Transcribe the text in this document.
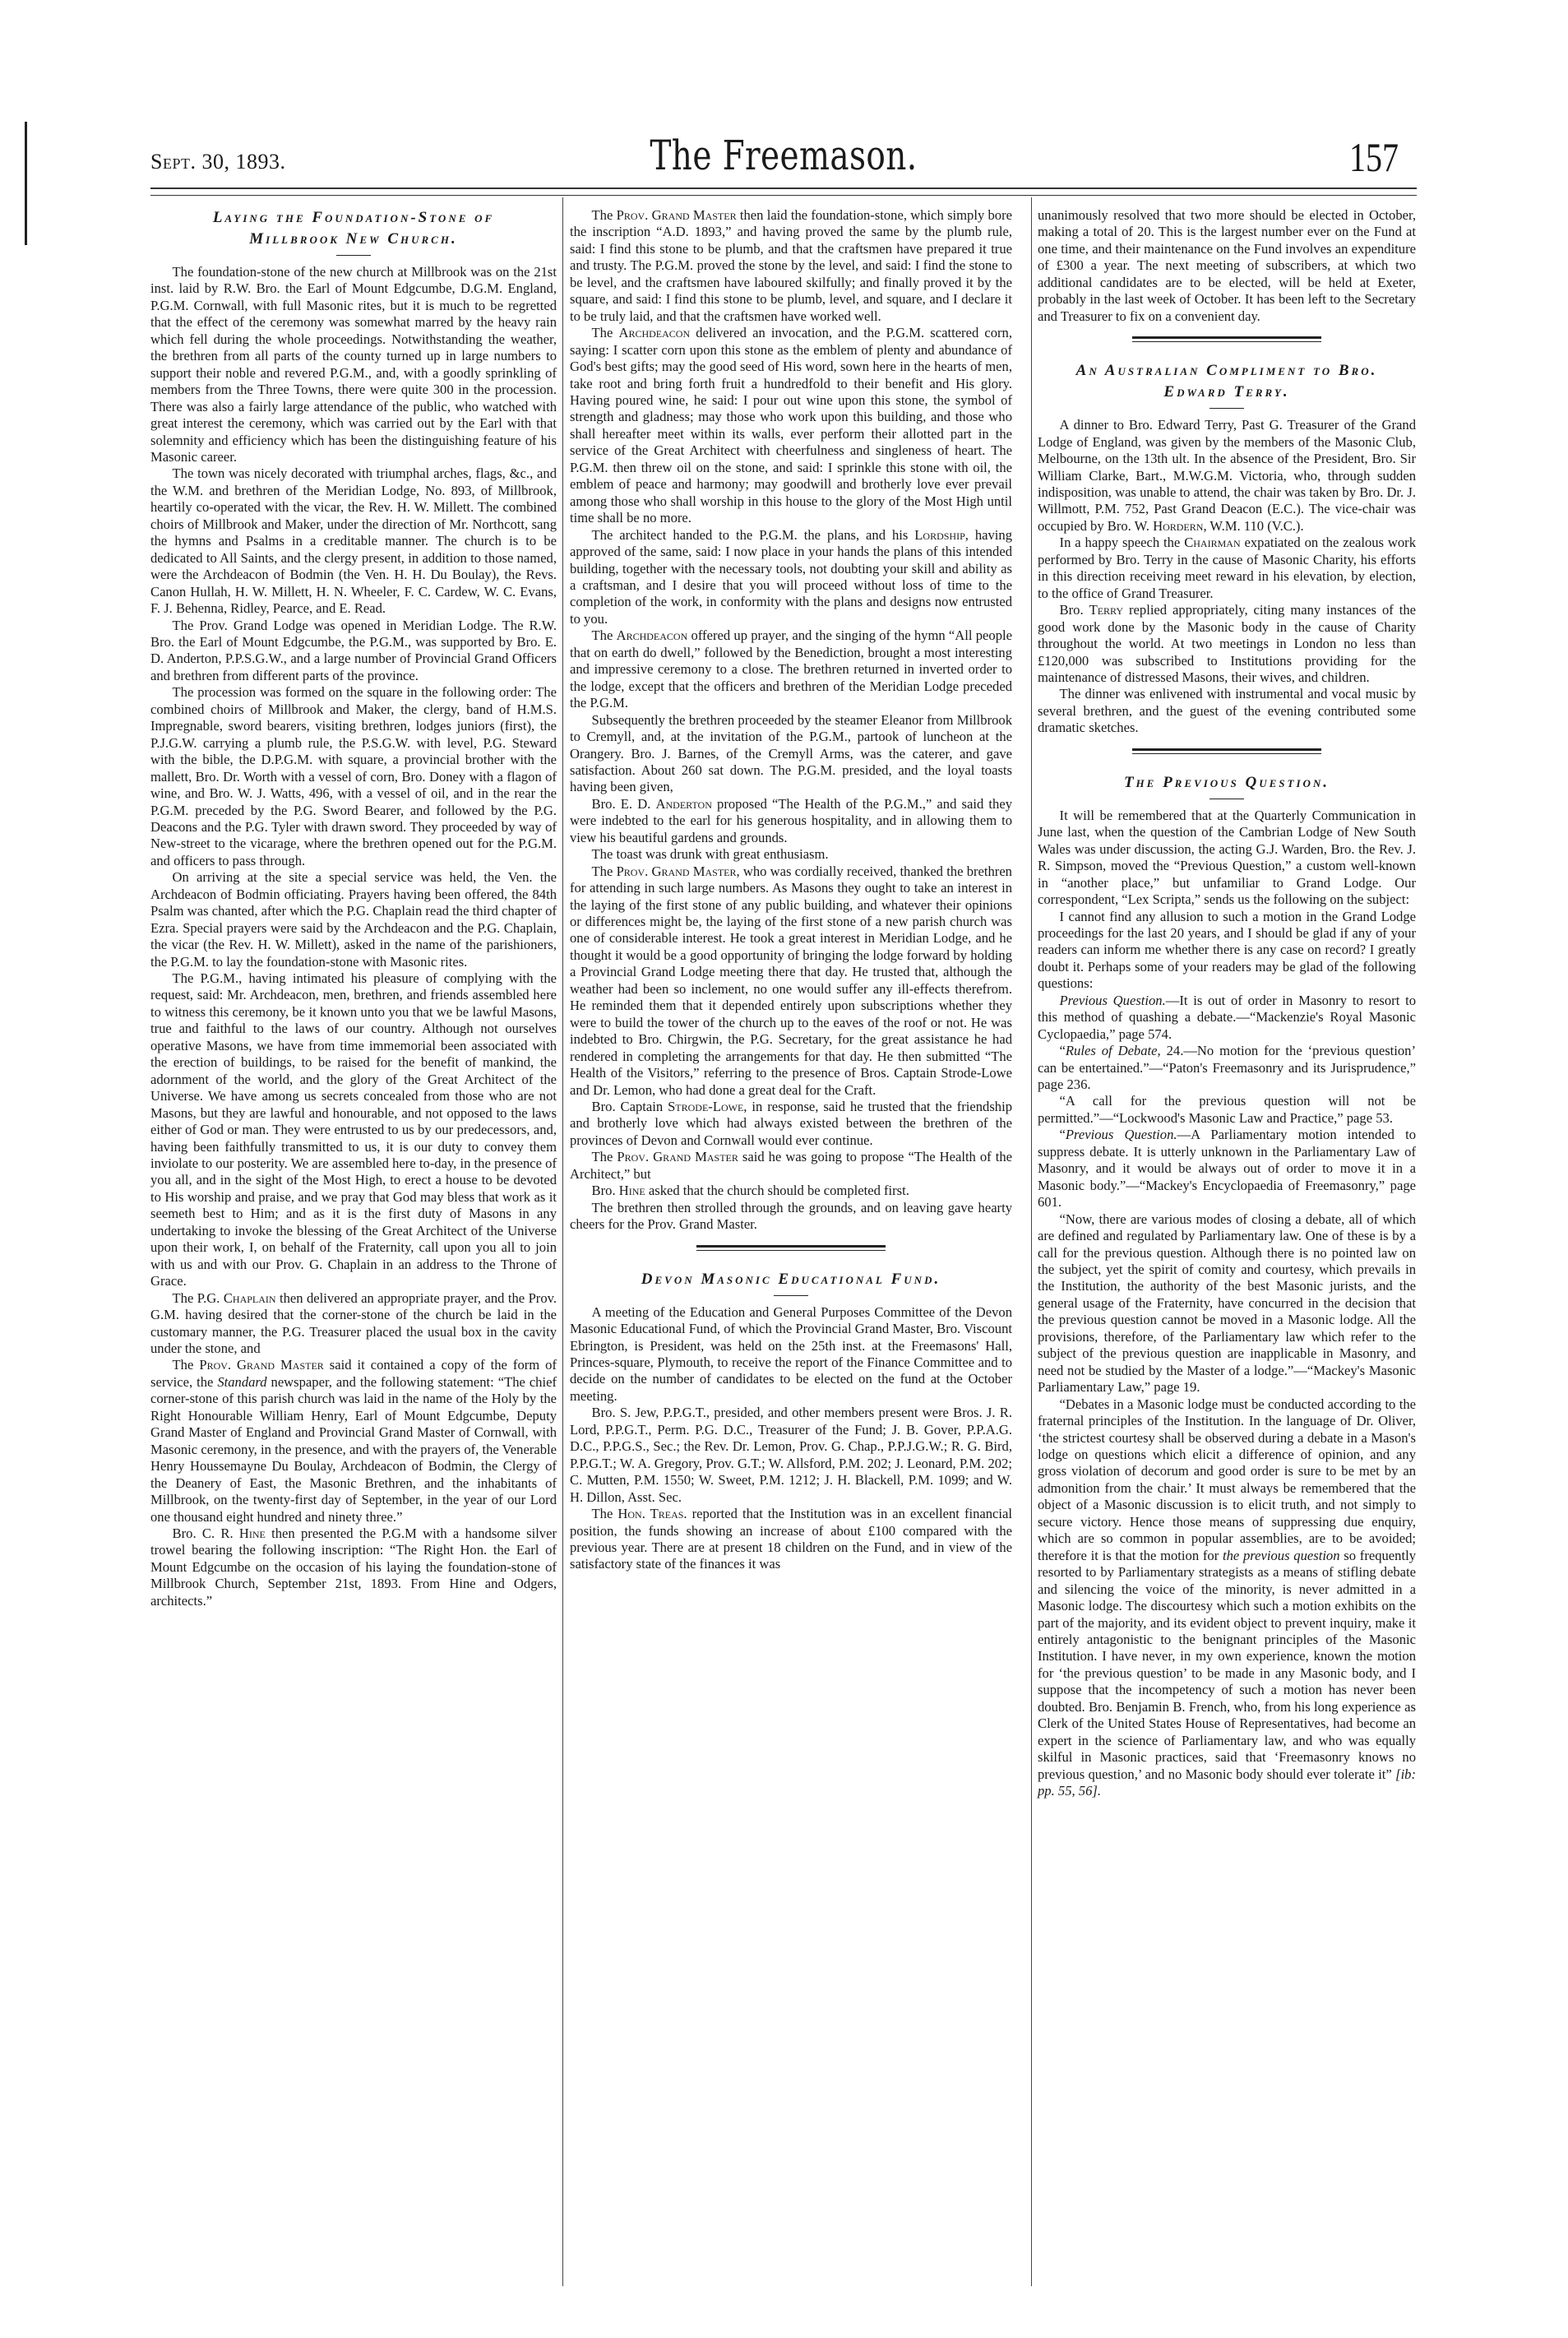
Sept. 30, 1893.	The Freemason.	157
Laying the Foundation-Stone of
Millbrook New Church.

The foundation-stone of the new church at Millbrook was on the 21st inst. laid by R.W. Bro. the Earl of Mount Edgcumbe, D.G.M. England, P.G.M. Cornwall, with full Masonic rites, but it is much to be regretted that the effect of the ceremony was somewhat marred by the heavy rain which fell during the whole proceedings. Notwithstanding the weather, the brethren from all parts of the county turned up in large numbers to support their noble and revered P.G.M., and, with a goodly sprinkling of members from the Three Towns, there were quite 300 in the procession. There was also a fairly large attendance of the public, who watched with great interest the ceremony, which was carried out by the Earl with that solemnity and efficiency which has been the distinguishing feature of his Masonic career.

The town was nicely decorated with triumphal arches, flags, &c., and the W.M. and brethren of the Meridian Lodge, No. 893, of Millbrook, heartily co-operated with the vicar, the Rev. H. W. Millett. The combined choirs of Millbrook and Maker, under the direction of Mr. Northcott, sang the hymns and Psalms in a creditable manner. The church is to be dedicated to All Saints, and the clergy present, in addition to those named, were the Archdeacon of Bodmin (the Ven. H. H. Du Boulay), the Revs. Canon Hullah, H. W. Millett, H. N. Wheeler, F. C. Cardew, W. C. Evans, F. J. Behenna, Ridley, Pearce, and E. Read.

The Prov. Grand Lodge was opened in Meridian Lodge. The R.W. Bro. the Earl of Mount Edgcumbe, the P.G.M., was supported by Bro. E. D. Anderton, P.P.S.G.W., and a large number of Provincial Grand Officers and brethren from different parts of the province.

The procession was formed on the square in the following order: The combined choirs of Millbrook and Maker, the clergy, band of H.M.S. Impregnable, sword bearers, visiting brethren, lodges juniors (first), the P.J.G.W. carrying a plumb rule, the P.S.G.W. with level, P.G. Steward with the bible, the D.P.G.M. with square, a provincial brother with the mallett, Bro. Dr. Worth with a vessel of corn, Bro. Doney with a flagon of wine, and Bro. W. J. Watts, 496, with a vessel of oil, and in the rear the P.G.M. preceded by the P.G. Sword Bearer, and followed by the P.G. Deacons and the P.G. Tyler with drawn sword. They proceeded by way of New-street to the vicarage, where the brethren opened out for the P.G.M. and officers to pass through.

On arriving at the site a special service was held, the Ven. the Archdeacon of Bodmin officiating. Prayers having been offered, the 84th Psalm was chanted, after which the P.G. Chaplain read the third chapter of Ezra. Special prayers were said by the Archdeacon and the P.G. Chaplain, the vicar (the Rev. H. W. Millett), asked in the name of the parishioners, the P.G.M. to lay the foundation-stone with Masonic rites.

The P.G.M., having intimated his pleasure of complying with the request, said: Mr. Archdeacon, men, brethren, and friends assembled here to witness this ceremony, be it known unto you that we be lawful Masons, true and faithful to the laws of our country. Although not ourselves operative Masons, we have from time immemorial been associated with the erection of buildings, to be raised for the benefit of mankind, the adornment of the world, and the glory of the Great Architect of the Universe. We have among us secrets concealed from those who are not Masons, but they are lawful and honourable, and not opposed to the laws either of God or man. They were entrusted to us by our predecessors, and, having been faithfully transmitted to us, it is our duty to convey them inviolate to our posterity. We are assembled here to-day, in the presence of you all, and in the sight of the Most High, to erect a house to be devoted to His worship and praise, and we pray that God may bless that work as it seemeth best to Him; and as it is the first duty of Masons in any undertaking to invoke the blessing of the Great Architect of the Universe upon their work, I, on behalf of the Fraternity, call upon you all to join with us and with our Prov. G. Chaplain in an address to the Throne of Grace.

The P.G. Chaplain then delivered an appropriate prayer, and the Prov. G.M. having desired that the corner-stone of the church be laid in the customary manner, the P.G. Treasurer placed the usual box in the cavity under the stone, and

The Prov. Grand Master said it contained a copy of the form of service, the Standard newspaper, and the following statement: “The chief corner-stone of this parish church was laid in the name of the Holy by the Right Honourable William Henry, Earl of Mount Edgcumbe, Deputy Grand Master of England and Provincial Grand Master of Cornwall, with Masonic ceremony, in the presence, and with the prayers of, the Venerable Henry Houssemayne Du Boulay, Archdeacon of Bodmin, the Clergy of the Deanery of East, the Masonic Brethren, and the inhabitants of Millbrook, on the twenty-first day of September, in the year of our Lord one thousand eight hundred and ninety three.”

Bro. C. R. Hine then presented the P.G.M with a handsome silver trowel bearing the following inscription: “The Right Hon. the Earl of Mount Edgcumbe on the occasion of his laying the foundation-stone of Millbrook Church, September 21st, 1893. From Hine and Odgers, architects.”

The Prov. Grand Master then laid the foundation-stone, which simply bore the inscription “A.D. 1893,” and having proved the same by the plumb rule, said: I find this stone to be plumb, and that the craftsmen have prepared it true and trusty. The P.G.M. proved the stone by the level, and said: I find the stone to be level, and the craftsmen have laboured skilfully; and finally proved it by the square, and said: I find this stone to be plumb, level, and square, and I declare it to be truly laid, and that the craftsmen have worked well.

The Archdeacon delivered an invocation, and the P.G.M. scattered corn, saying: I scatter corn upon this stone as the emblem of plenty and abundance of God's best gifts; may the good seed of His word, sown here in the hearts of men, take root and bring forth fruit a hundredfold to their benefit and His glory. Having poured wine, he said: I pour out wine upon this stone, the symbol of strength and gladness; may those who work upon this building, and those who shall hereafter meet within its walls, ever perform their allotted part in the service of the Great Architect with cheerfulness and singleness of heart. The P.G.M. then threw oil on the stone, and said: I sprinkle this stone with oil, the emblem of peace and harmony; may goodwill and brotherly love ever prevail among those who shall worship in this house to the glory of the Most High until time shall be no more.

The architect handed to the P.G.M. the plans, and his Lordship, having approved of the same, said: I now place in your hands the plans of this intended building, together with the necessary tools, not doubting your skill and ability as a craftsman, and I desire that you will proceed without loss of time to the completion of the work, in conformity with the plans and designs now entrusted to you.

The Archdeacon offered up prayer, and the singing of the hymn “All people that on earth do dwell,” followed by the Benediction, brought a most interesting and impressive ceremony to a close. The brethren returned in inverted order to the lodge, except that the officers and brethren of the Meridian Lodge preceded the P.G.M.

Subsequently the brethren proceeded by the steamer Eleanor from Millbrook to Cremyll, and, at the invitation of the P.G.M., partook of luncheon at the Orangery. Bro. J. Barnes, of the Cremyll Arms, was the caterer, and gave satisfaction. About 260 sat down. The P.G.M. presided, and the loyal toasts having been given,

Bro. E. D. Anderton proposed “The Health of the P.G.M.,” and said they were indebted to the earl for his generous hospitality, and in allowing them to view his beautiful gardens and grounds.

The toast was drunk with great enthusiasm.

The Prov. Grand Master, who was cordially received, thanked the brethren for attending in such large numbers. As Masons they ought to take an interest in the laying of the first stone of any public building, and whatever their opinions or differences might be, the laying of the first stone of a new parish church was one of considerable interest. He took a great interest in Meridian Lodge, and he thought it would be a good opportunity of bringing the lodge forward by holding a Provincial Grand Lodge meeting there that day. He trusted that, although the weather had been so inclement, no one would suffer any ill-effects therefrom. He reminded them that it depended entirely upon subscriptions whether they were to build the tower of the church up to the eaves of the roof or not. He was indebted to Bro. Chirgwin, the P.G. Secretary, for the great assistance he had rendered in completing the arrangements for that day. He then submitted “The Health of the Visitors,” referring to the presence of Bros. Captain Strode-Lowe and Dr. Lemon, who had done a great deal for the Craft.

Bro. Captain Strode-Lowe, in response, said he trusted that the friendship and brotherly love which had always existed between the brethren of the provinces of Devon and Cornwall would ever continue.

The Prov. Grand Master said he was going to propose “The Health of the Architect,” but

Bro. Hine asked that the church should be completed first.

The brethren then strolled through the grounds, and on leaving gave hearty cheers for the Prov. Grand Master.

Devon Masonic Educational Fund.

A meeting of the Education and General Purposes Committee of the Devon Masonic Educational Fund, of which the Provincial Grand Master, Bro. Viscount Ebrington, is President, was held on the 25th inst. at the Freemasons' Hall, Princes-square, Plymouth, to receive the report of the Finance Committee and to decide on the number of candidates to be elected on the fund at the October meeting.

Bro. S. Jew, P.P.G.T., presided, and other members present were Bros. J. R. Lord, P.P.G.T., Perm. P.G. D.C., Treasurer of the Fund; J. B. Gover, P.P.A.G. D.C., P.P.G.S., Sec.; the Rev. Dr. Lemon, Prov. G. Chap., P.P.J.G.W.; R. G. Bird, P.P.G.T.; W. A. Gregory, Prov. G.T.; W. Allsford, P.M. 202; J. Leonard, P.M. 202; C. Mutten, P.M. 1550; W. Sweet, P.M. 1212; J. H. Blackell, P.M. 1099; and W. H. Dillon, Asst. Sec.

The Hon. Treas. reported that the Institution was in an excellent financial position, the funds showing an increase of about £100 compared with the previous year. There are at present 18 children on the Fund, and in view of the satisfactory state of the finances it was

unanimously resolved that two more should be elected in October, making a total of 20. This is the largest number ever on the Fund at one time, and their maintenance on the Fund involves an expenditure of £300 a year. The next meeting of subscribers, at which two additional candidates are to be elected, will be held at Exeter, probably in the last week of October. It has been left to the Secretary and Treasurer to fix on a convenient day.

An Australian Compliment to Bro.
Edward Terry.

A dinner to Bro. Edward Terry, Past G. Treasurer of the Grand Lodge of England, was given by the members of the Masonic Club, Melbourne, on the 13th ult. In the absence of the President, Bro. Sir William Clarke, Bart., M.W.G.M. Victoria, who, through sudden indisposition, was unable to attend, the chair was taken by Bro. Dr. J. Willmott, P.M. 752, Past Grand Deacon (E.C.). The vice-chair was occupied by Bro. W. Hordern, W.M. 110 (V.C.).

In a happy speech the Chairman expatiated on the zealous work performed by Bro. Terry in the cause of Masonic Charity, his efforts in this direction receiving meet reward in his elevation, by election, to the office of Grand Treasurer.

Bro. Terry replied appropriately, citing many instances of the good work done by the Masonic body in the cause of Charity throughout the world. At two meetings in London no less than £120,000 was subscribed to Institutions providing for the maintenance of distressed Masons, their wives, and children.

The dinner was enlivened with instrumental and vocal music by several brethren, and the guest of the evening contributed some dramatic sketches.

The Previous Question.

It will be remembered that at the Quarterly Communication in June last, when the question of the Cambrian Lodge of New South Wales was under discussion, the acting G.J. Warden, Bro. the Rev. J. R. Simpson, moved the “Previous Question,” a custom well-known in “another place,” but unfamiliar to Grand Lodge. Our correspondent, “Lex Scripta,” sends us the following on the subject:

I cannot find any allusion to such a motion in the Grand Lodge proceedings for the last 20 years, and I should be glad if any of your readers can inform me whether there is any case on record? I greatly doubt it. Perhaps some of your readers may be glad of the following questions:

Previous Question.—It is out of order in Masonry to resort to this method of quashing a debate.—“Mackenzie's Royal Masonic Cyclopaedia,” page 574.

“Rules of Debate, 24.—No motion for the ‘previous question’ can be entertained.”—“Paton's Freemasonry and its Jurisprudence,” page 236.

“A call for the previous question will not be permitted.”—“Lockwood's Masonic Law and Practice,” page 53.

“Previous Question.—A Parliamentary motion intended to suppress debate. It is utterly unknown in the Parliamentary Law of Masonry, and it would be always out of order to move it in a Masonic body.”—“Mackey's Encyclopaedia of Freemasonry,” page 601.

“Now, there are various modes of closing a debate, all of which are defined and regulated by Parliamentary law. One of these is by a call for the previous question. Although there is no pointed law on the subject, yet the spirit of comity and courtesy, which prevails in the Institution, the authority of the best Masonic jurists, and the general usage of the Fraternity, have concurred in the decision that the previous question cannot be moved in a Masonic lodge. All the provisions, therefore, of the Parliamentary law which refer to the subject of the previous question are inapplicable in Masonry, and need not be studied by the Master of a lodge.”—“Mackey's Masonic Parliamentary Law,” page 19.

“Debates in a Masonic lodge must be conducted according to the fraternal principles of the Institution. In the language of Dr. Oliver, ‘the strictest courtesy shall be observed during a debate in a Mason's lodge on questions which elicit a difference of opinion, and any gross violation of decorum and good order is sure to be met by an admonition from the chair.’ It must always be remembered that the object of a Masonic discussion is to elicit truth, and not simply to secure victory. Hence those means of suppressing due enquiry, which are so common in popular assemblies, are to be avoided; therefore it is that the motion for the previous question so frequently resorted to by Parliamentary strategists as a means of stifling debate and silencing the voice of the minority, is never admitted in a Masonic lodge. The discourtesy which such a motion exhibits on the part of the majority, and its evident object to prevent inquiry, make it entirely antagonistic to the benignant principles of the Masonic Institution. I have never, in my own experience, known the motion for ‘the previous question’ to be made in any Masonic body, and I suppose that the incompetency of such a motion has never been doubted. Bro. Benjamin B. French, who, from his long experience as Clerk of the United States House of Representatives, had become an expert in the science of Parliamentary law, and who was equally skilful in Masonic practices, said that ‘Freemasonry knows no previous question,’ and no Masonic body should ever tolerate it” [ib: pp. 55, 56].
